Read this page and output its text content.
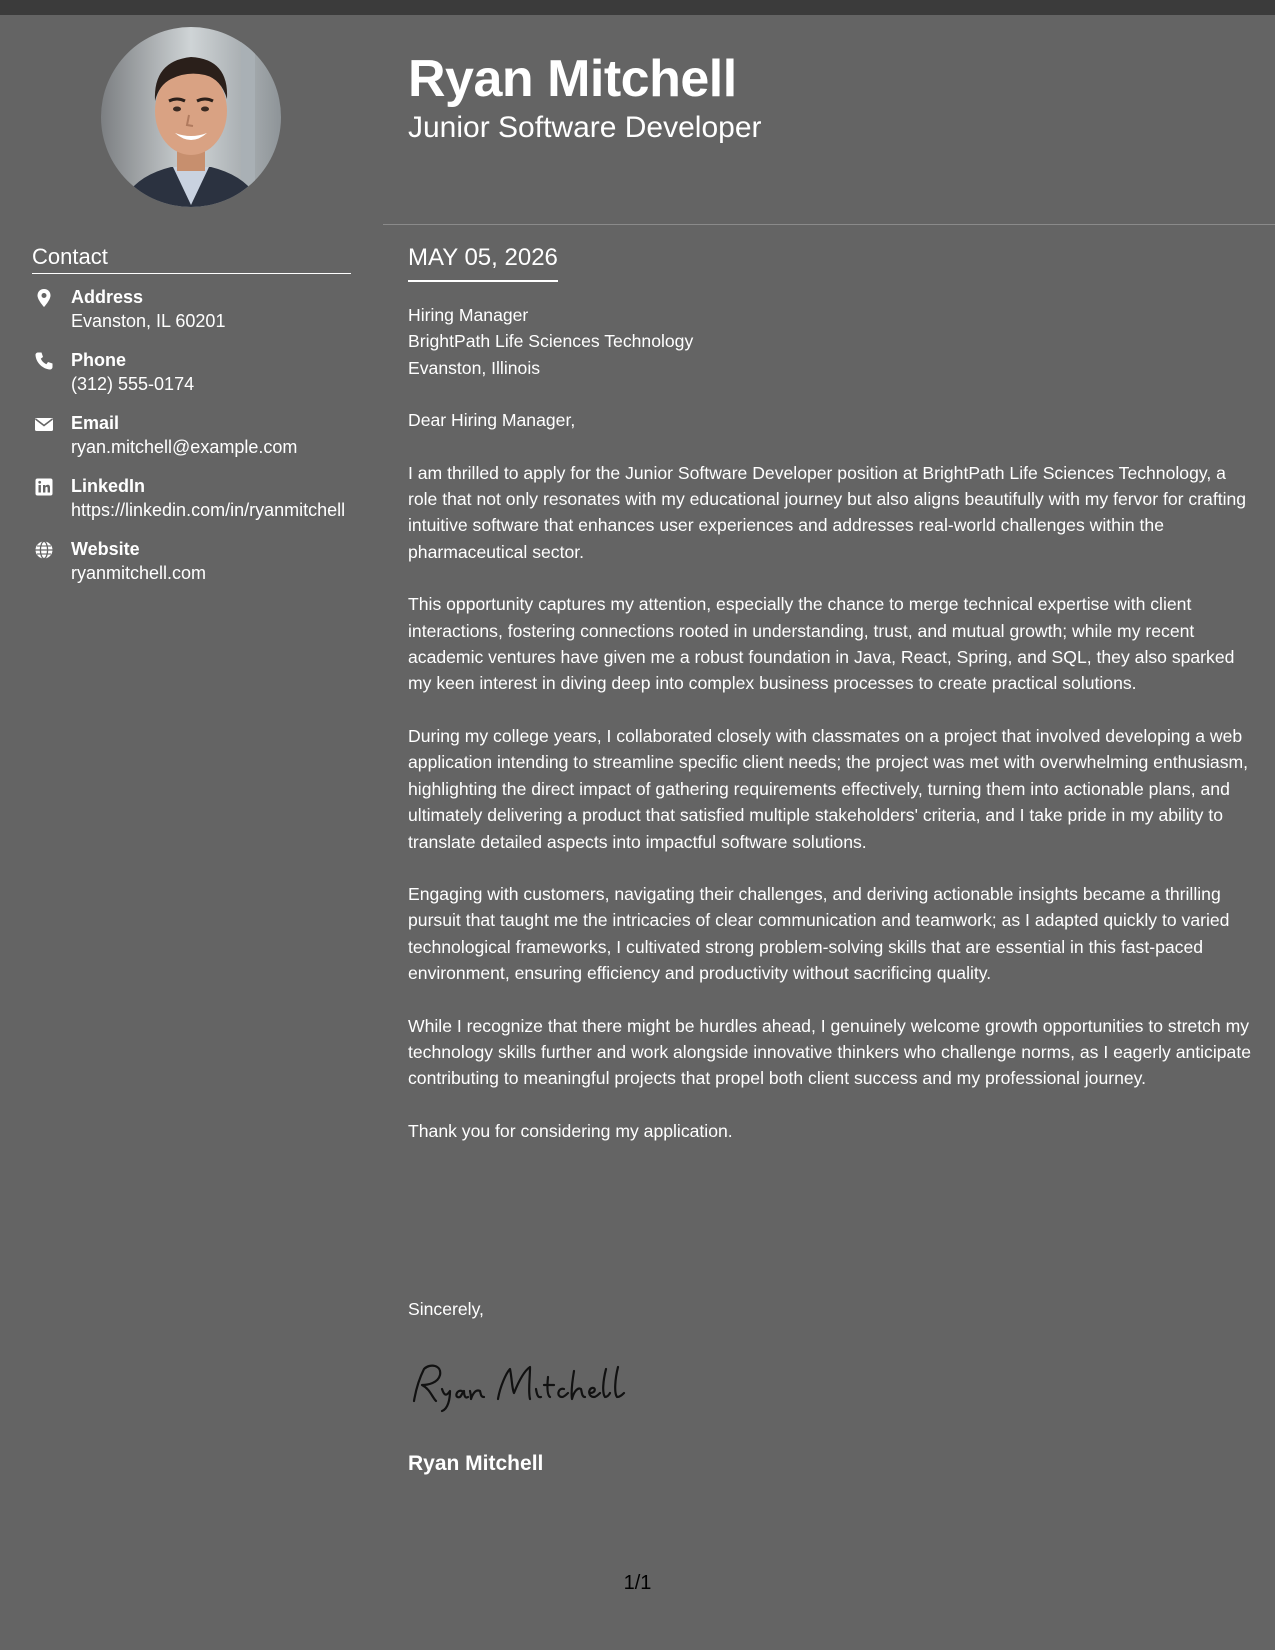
Contact
Address
Evanston, IL 60201
Phone
(312) 555-0174
Email
ryan.mitchell@example.com
LinkedIn
https://linkedin.com/in/ryanmitchell
Website
ryanmitchell.com
Ryan Mitchell
Junior Software Developer
MAY 05, 2026
Hiring Manager
BrightPath Life Sciences Technology
Evanston, Illinois

Dear Hiring Manager,

I am thrilled to apply for the Junior Software Developer position at BrightPath Life Sciences Technology, a role that not only resonates with my educational journey but also aligns beautifully with my fervor for crafting intuitive software that enhances user experiences and addresses real-world challenges within the pharmaceutical sector.

This opportunity captures my attention, especially the chance to merge technical expertise with client interactions, fostering connections rooted in understanding, trust, and mutual growth; while my recent academic ventures have given me a robust foundation in Java, React, Spring, and SQL, they also sparked my keen interest in diving deep into complex business processes to create practical solutions.

During my college years, I collaborated closely with classmates on a project that involved developing a web application intending to streamline specific client needs; the project was met with overwhelming enthusiasm, highlighting the direct impact of gathering requirements effectively, turning them into actionable plans, and ultimately delivering a product that satisfied multiple stakeholders' criteria, and I take pride in my ability to translate detailed aspects into impactful software solutions.

Engaging with customers, navigating their challenges, and deriving actionable insights became a thrilling pursuit that taught me the intricacies of clear communication and teamwork; as I adapted quickly to varied technological frameworks, I cultivated strong problem-solving skills that are essential in this fast-paced environment, ensuring efficiency and productivity without sacrificing quality.

While I recognize that there might be hurdles ahead, I genuinely welcome growth opportunities to stretch my technology skills further and work alongside innovative thinkers who challenge norms, as I eagerly anticipate contributing to meaningful projects that propel both client success and my professional journey.

Thank you for considering my application.

Sincerely,
Ryan Mitchell
1/1
